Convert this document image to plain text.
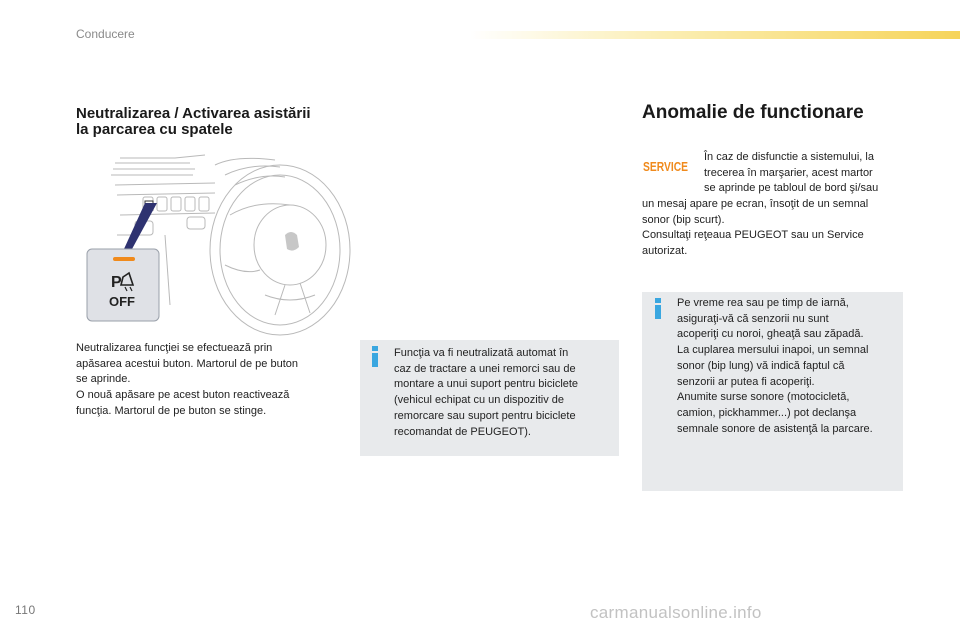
Conducere
Neutralizarea / Activarea asistării
la parcarea cu spatele
P
OFF
Neutralizarea funcţiei se efectuează prin
apăsarea acestui buton. Martorul de pe buton
se aprinde.
O nouă apăsare pe acest buton reactivează
funcţia. Martorul de pe buton se stinge.
Funcţia va fi neutralizată automat în
caz de tractare a unei remorci sau de
montare a unui suport pentru biciclete
(vehicul echipat cu un dispozitiv de
remorcare sau suport pentru biciclete
recomandat de PEUGEOT).
Anomalie de functionare
SERVICE
În caz de disfunctie a sistemului, la
trecerea în marşarier, acest martor
se aprinde pe tabloul de bord şi/sau
un mesaj apare pe ecran, însoţit de un semnal
sonor (bip scurt).
Consultaţi reţeaua PEUGEOT sau un Service
autorizat.
Pe vreme rea sau pe timp de iarnă,
asiguraţi-vă că senzorii nu sunt
acoperiţi cu noroi, gheaţă sau zăpadă.
La cuplarea mersului inapoi, un semnal
sonor (bip lung) vă indică faptul că
senzorii ar putea fi acoperiţi.
Anumite surse sonore (motocicletă,
camion, pickhammer...) pot declanşa
semnale sonore de asistenţă la parcare.
110	carmanualsonline.info
